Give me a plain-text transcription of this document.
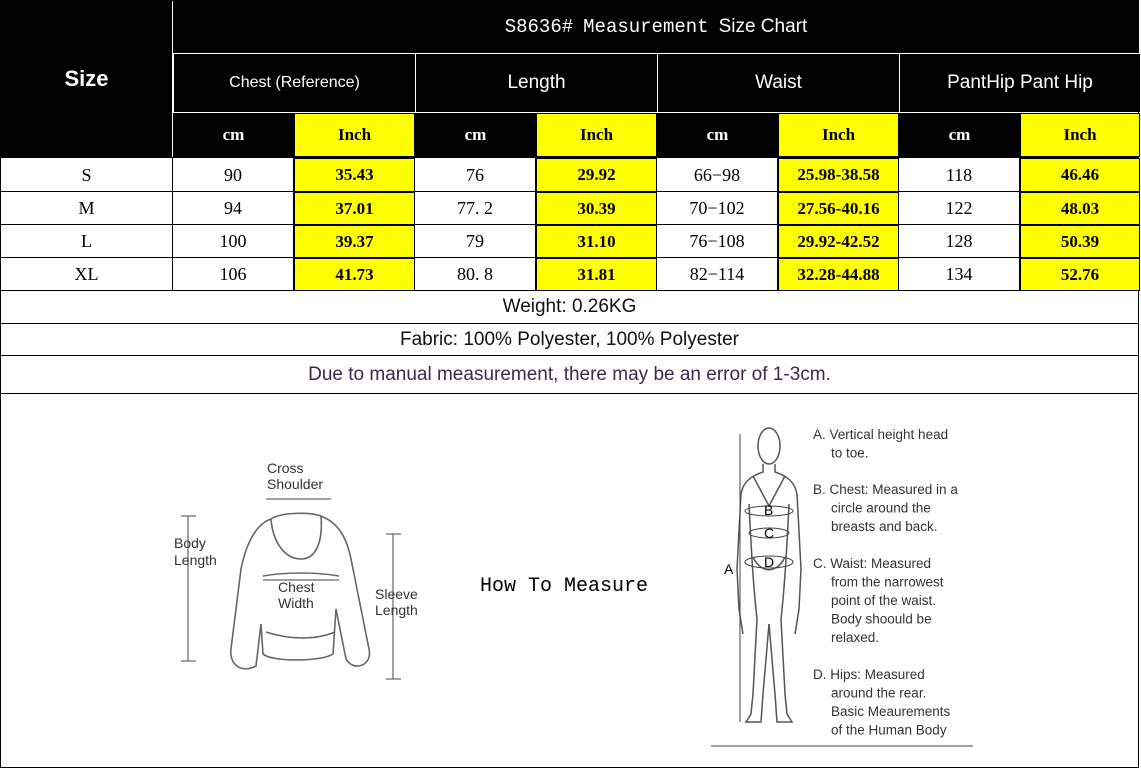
Size
S8636# Measurement Size Chart
Chest (Reference)	Length	Waist	PantHip Pant Hip
cm	Inch	cm	Inch	cm	Inch	cm	Inch
S	90	35.43	76	29.92	66−98	25.98-38.58	118	46.46
M	94	37.01	77. 2	30.39	70−102	27.56-40.16	122	48.03
L	100	39.37	79	31.10	76−108	29.92-42.52	128	50.39
XL	106	41.73	80. 8	31.81	82−114	32.28-44.88	134	52.76
Weight: 0.26KG
Fabric: 100% Polyester, 100% Polyester
Due to manual measurement, there may be an error of 1-3cm.
Cross
Shoulder
Body
Length
Chest
Width
Sleeve
Length
How To Measure
A
B
C
D
A. Vertical height head
to toe.
B. Chest: Measured in a
circle around the
breasts and back.
C. Waist: Measured
from the narrowest
point of the waist.
Body shoould be
relaxed.
D. Hips: Measured
around the rear.
Basic Meaurements
of the Human Body
